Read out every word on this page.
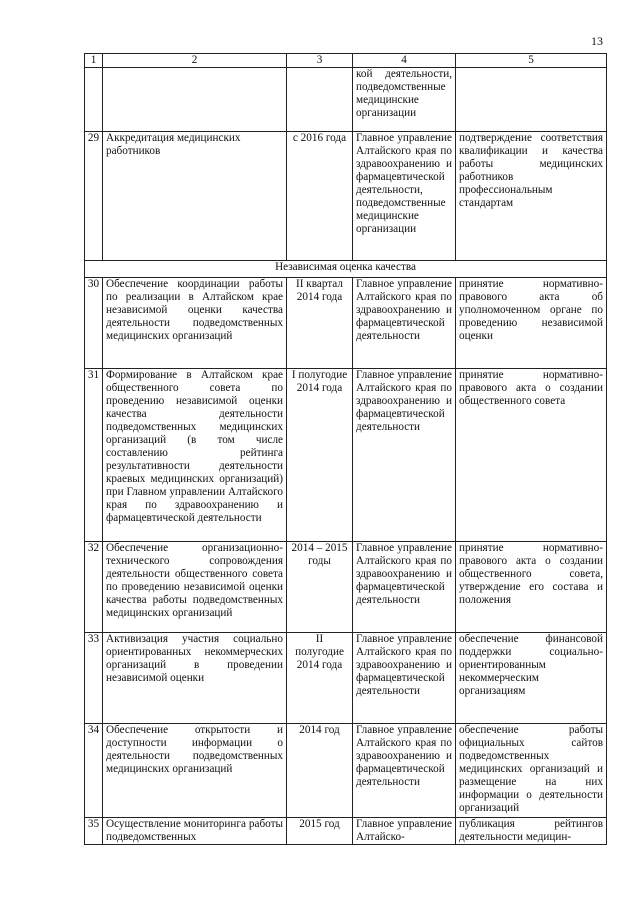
13
1	2	3	4	5
			кой деятельности, подведомственные медицинские организации	
29	Аккредитация медицинских работников	с 2016 года	Главное управление Алтайского края по здравоохранению и фармацевтической деятельности, подведомственные медицинские организации	подтверждение соответствия квалификации и качества работы медицинских работников профессиональным стандартам
Независимая оценка качества				
30	Обеспечение координации работы по реализации в Алтайском крае независимой оценки качества деятельности подведомственных медицинских организаций	II квартал 2014 года	Главное управление Алтайского края по здравоохранению и фармацевтической деятельности	принятие нормативно-правового акта об уполномоченном органе по проведению независимой оценки
31	Формирование в Алтайском крае общественного совета по проведению независимой оценки качества деятельности подведомственных медицинских организаций (в том числе составлению рейтинга результативности деятельности краевых медицинских организаций) при Главном управлении Алтайского края по здравоохранению и фармацевтической деятельности	I полугодие 2014 года	Главное управление Алтайского края по здравоохранению и фармацевтической деятельности	принятие нормативно-правового акта о создании общественного совета
32	Обеспечение организационно-технического сопровождения деятельности общественного совета по проведению независимой оценки качества работы подведомственных медицинских организаций	2014 – 2015 годы	Главное управление Алтайского края по здравоохранению и фармацевтической деятельности	принятие нормативно-правового акта о создании общественного совета, утверждение его состава и положения
33	Активизация участия социально ориентированных некоммерческих организаций в проведении независимой оценки	II полугодие 2014 года	Главное управление Алтайского края по здравоохранению и фармацевтической деятельности	обеспечение финансовой поддержки социально-ориентированным некоммерческим организациям
34	Обеспечение открытости и доступности информации о деятельности подведомственных медицинских организаций	2014 год	Главное управление Алтайского края по здравоохранению и фармацевтической деятельности	обеспечение работы официальных сайтов подведомственных медицинских организаций и размещение на них информации о деятельности организаций
35	Осуществление мониторинга работы подведомственных	2015 год	Главное управление Алтайско-	публикация рейтингов деятельности медицин-
